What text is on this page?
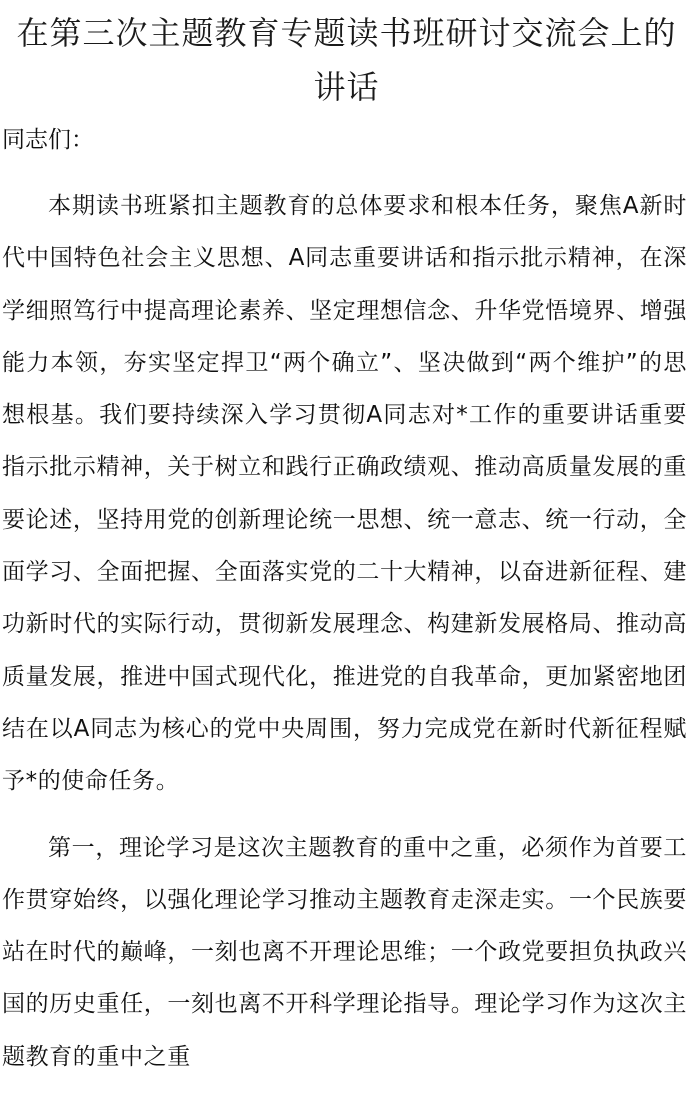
在第三次主题教育专题读书班研讨交流会上的讲话

同志们：

本期读书班紧扣主题教育的总体要求和根本任务，聚焦A新时代中国特色社会主义思想、A同志重要讲话和指示批示精神，在深学细照笃行中提高理论素养、坚定理想信念、升华党悟境界、增强能力本领，夯实坚定捍卫“两个确立”、坚决做到“两个维护”的思想根基。我们要持续深入学习贯彻A同志对*工作的重要讲话重要指示批示精神，关于树立和践行正确政绩观、推动高质量发展的重要论述，坚持用党的创新理论统一思想、统一意志、统一行动，全面学习、全面把握、全面落实党的二十大精神，以奋进新征程、建功新时代的实际行动，贯彻新发展理念、构建新发展格局、推动高质量发展，推进中国式现代化，推进党的自我革命，更加紧密地团结在以A同志为核心的党中央周围，努力完成党在新时代新征程赋予*的使命任务。

第一，理论学习是这次主题教育的重中之重，必须作为首要工作贯穿始终，以强化理论学习推动主题教育走深走实。一个民族要站在时代的巅峰，一刻也离不开理论思维；一个政党要担负执政兴国的历史重任，一刻也离不开科学理论指导。理论学习作为这次主题教育的重中之重
